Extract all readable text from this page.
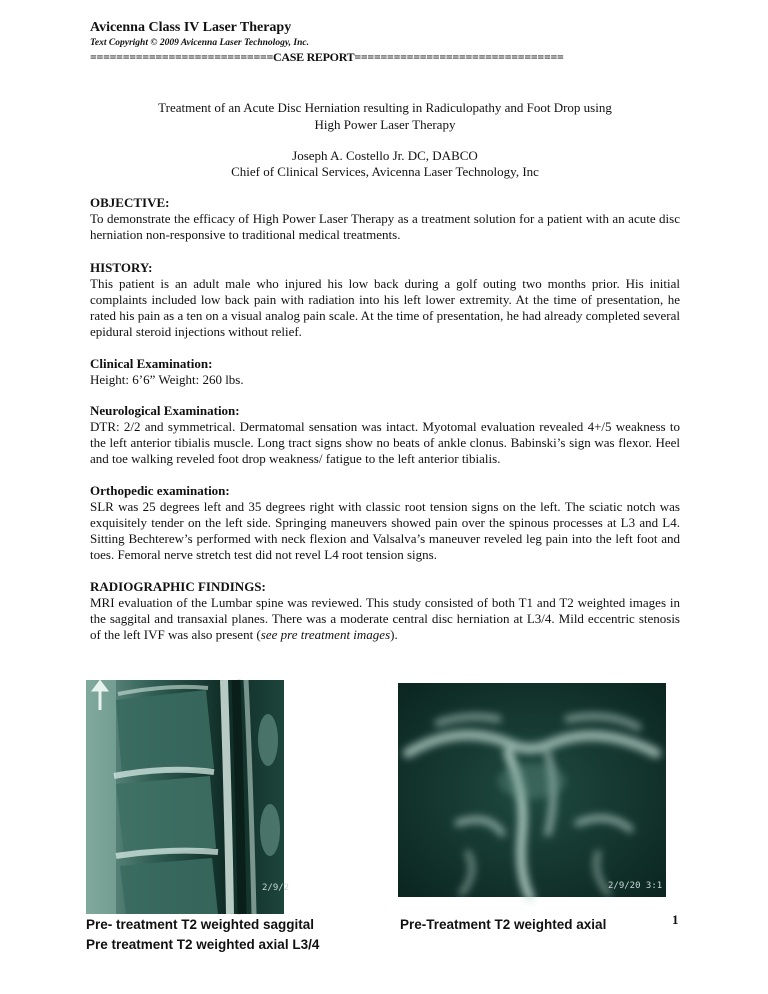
Avicenna Class IV Laser Therapy
Text Copyright © 2009 Avicenna Laser Technology, Inc.
============================CASE REPORT================================
Treatment of an Acute Disc Herniation resulting in Radiculopathy and Foot Drop using
High Power Laser Therapy
Joseph A. Costello Jr. DC, DABCO
Chief of Clinical Services, Avicenna Laser Technology, Inc
OBJECTIVE:

To demonstrate the efficacy of High Power Laser Therapy as a treatment solution for a patient with an acute disc herniation non-responsive to traditional medical treatments.

HISTORY:

This patient is an adult male who injured his low back during a golf outing two months prior. His initial complaints included low back pain with radiation into his left lower extremity. At the time of presentation, he rated his pain as a ten on a visual analog pain scale. At the time of presentation, he had already completed several epidural steroid injections without relief.

Clinical Examination:

Height: 6’6” Weight: 260 lbs.

Neurological Examination:

DTR: 2/2 and symmetrical. Dermatomal sensation was intact. Myotomal evaluation revealed 4+/5 weakness to the left anterior tibialis muscle. Long tract signs show no beats of ankle clonus. Babinski’s sign was flexor. Heel and toe walking reveled foot drop weakness/ fatigue to the left anterior tibialis.

Orthopedic examination:

SLR was 25 degrees left and 35 degrees right with classic root tension signs on the left. The sciatic notch was exquisitely tender on the left side. Springing maneuvers showed pain over the spinous processes at L3 and L4. Sitting Bechterew’s performed with neck flexion and Valsalva’s maneuver reveled leg pain into the left foot and toes. Femoral nerve stretch test did not revel L4 root tension signs.

RADIOGRAPHIC FINDINGS:

MRI evaluation of the Lumbar spine was reviewed. This study consisted of both T1 and T2 weighted images in the saggital and transaxial planes. There was a moderate central disc herniation at L3/4. Mild eccentric stenosis of the left IVF was also present (see pre treatment images).

2/9/2	2/9/20 3:1
Pre- treatment T2 weighted saggital	Pre-Treatment T2 weighted axial
Pre treatment T2 weighted axial L3/4
1
